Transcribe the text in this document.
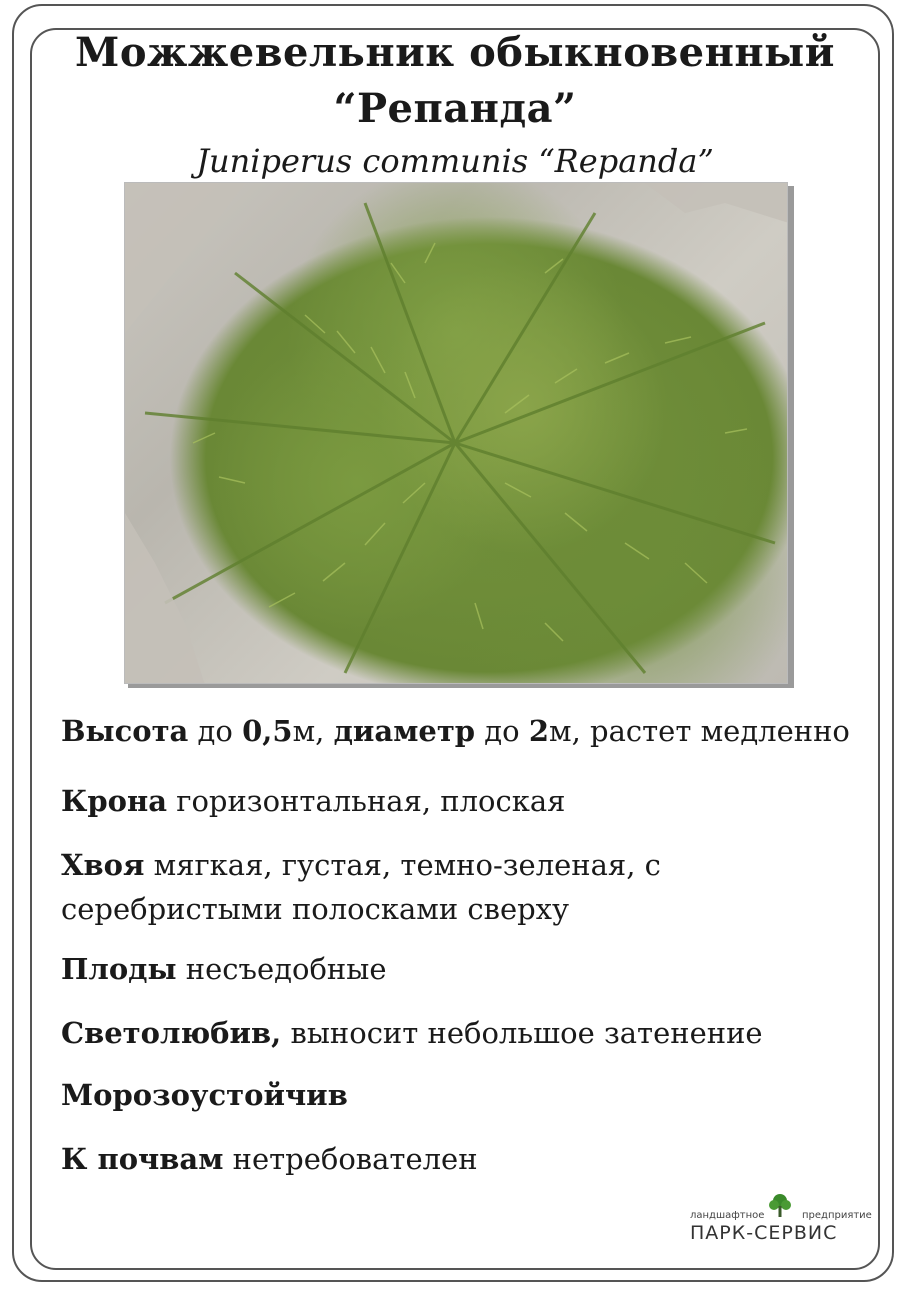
Можжевельник обыкновенный
“Репанда”
Juniperus communis “Repanda”
Высота до 0,5м, диаметр до 2м, растет медленно
Крона горизонтальная, плоская
Хвоя мягкая, густая, темно-зеленая, с
серебристыми полосками сверху
Плоды несъедобные
Светолюбив, выносит небольшое затенение
Морозоустойчив
К почвам нетребователен
ландшафтное	предприятие
ПАРК-СЕРВИС
